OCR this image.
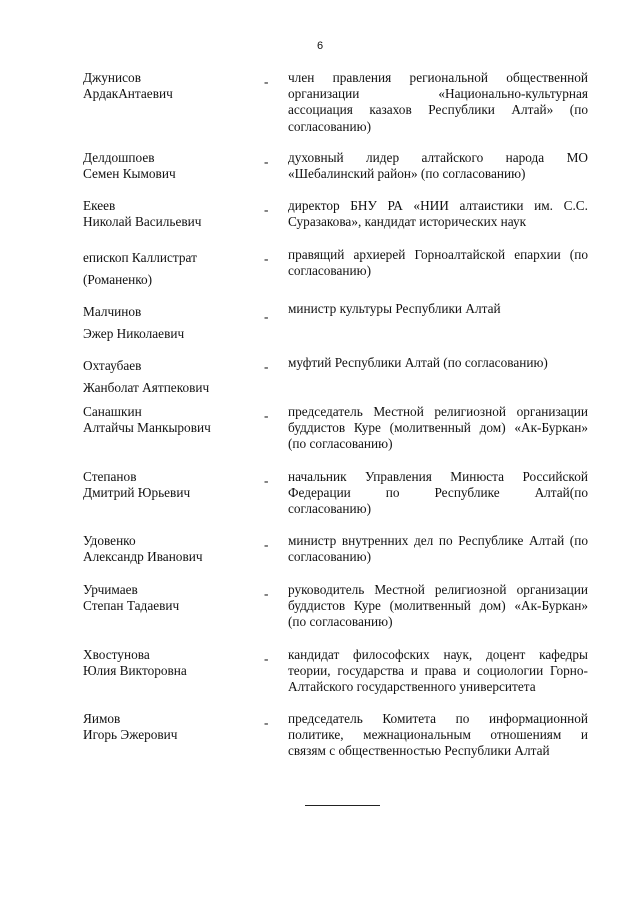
6
Джунисов
АрдакАнтаевич
- член правления региональной общественной
организации «Национально-культурная
ассоциация казахов Республики Алтай» (по
согласованию)
Делдошпоев
Семен Кымович
- духовный лидер алтайского народа МО
«Шебалинский район» (по согласованию)
Екеев
Николай Васильевич
- директор БНУ РА «НИИ алтаистики им. С.С.
Суразакова», кандидат исторических наук
епископ Каллистрат
(Романенко)
- правящий архиерей Горноалтайской епархии (по
согласованию)
Малчинов
Эжер Николаевич
-
министр культуры Республики Алтай
Охтаубаев
Жанболат Аятпекович
- муфтий Республики Алтай (по согласованию)
Санашкин
Алтайчы Манкырович
- председатель Местной религиозной организации
буддистов Куре (молитвенный дом) «Ак-Буркан»
(по согласованию)
Степанов
Дмитрий Юрьевич
- начальник Управления Минюста Российской
Федерации по Республике Алтай(по
согласованию)
Удовенко
Александр Иванович
- министр внутренних дел по Республике Алтай (по
согласованию)
Урчимаев
Степан Тадаевич
- руководитель Местной религиозной организации
буддистов Куре (молитвенный дом) «Ак-Буркан»
(по согласованию)
Хвостунова
Юлия Викторовна
- кандидат философских наук, доцент кафедры
теории, государства и права и социологии Горно-
Алтайского государственного университета
Яимов
Игорь Эжерович
- председатель Комитета по информационной
политике, межнациональным отношениям и
связям с общественностью Республики Алтай
